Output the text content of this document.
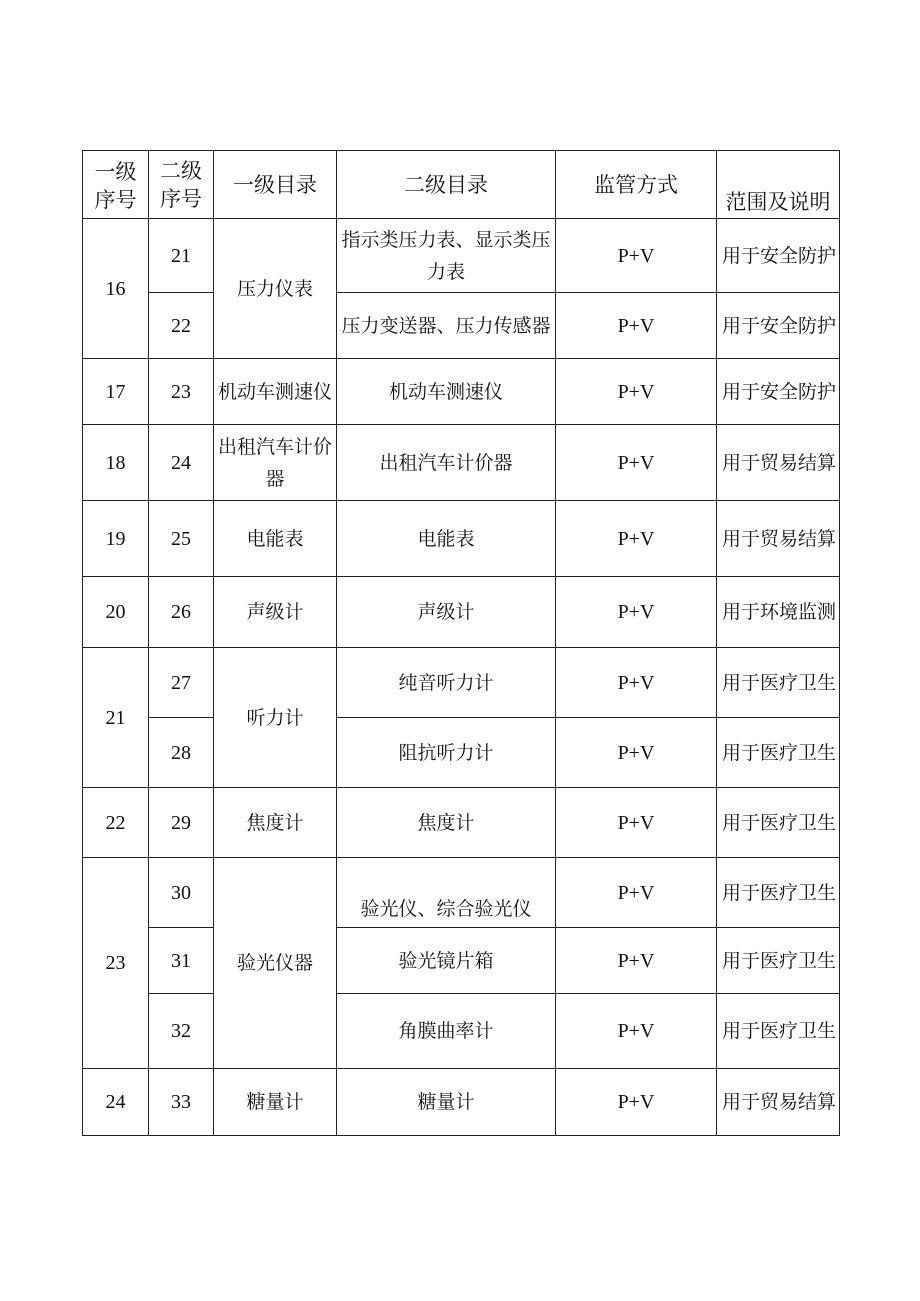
一级序号	二级序号	一级目录	二级目录	监管方式	范围及说明

16	21	压力仪表	指示类压力表、显示类压力表	P+V	用于安全防护
	22		压力变送器、压力传感器	P+V	用于安全防护
17	23	机动车测速仪	机动车测速仪	P+V	用于安全防护
18	24	出租汽车计价器	出租汽车计价器	P+V	用于贸易结算
19	25	电能表	电能表	P+V	用于贸易结算
20	26	声级计	声级计	P+V	用于环境监测
21	27	听力计	纯音听力计	P+V	用于医疗卫生
	28		阻抗听力计	P+V	用于医疗卫生
22	29	焦度计	焦度计	P+V	用于医疗卫生
23	30	验光仪器	验光仪、综合验光仪	P+V	用于医疗卫生
	31		验光镜片箱	P+V	用于医疗卫生
	32		角膜曲率计	P+V	用于医疗卫生
24	33	糖量计	糖量计	P+V	用于贸易结算
